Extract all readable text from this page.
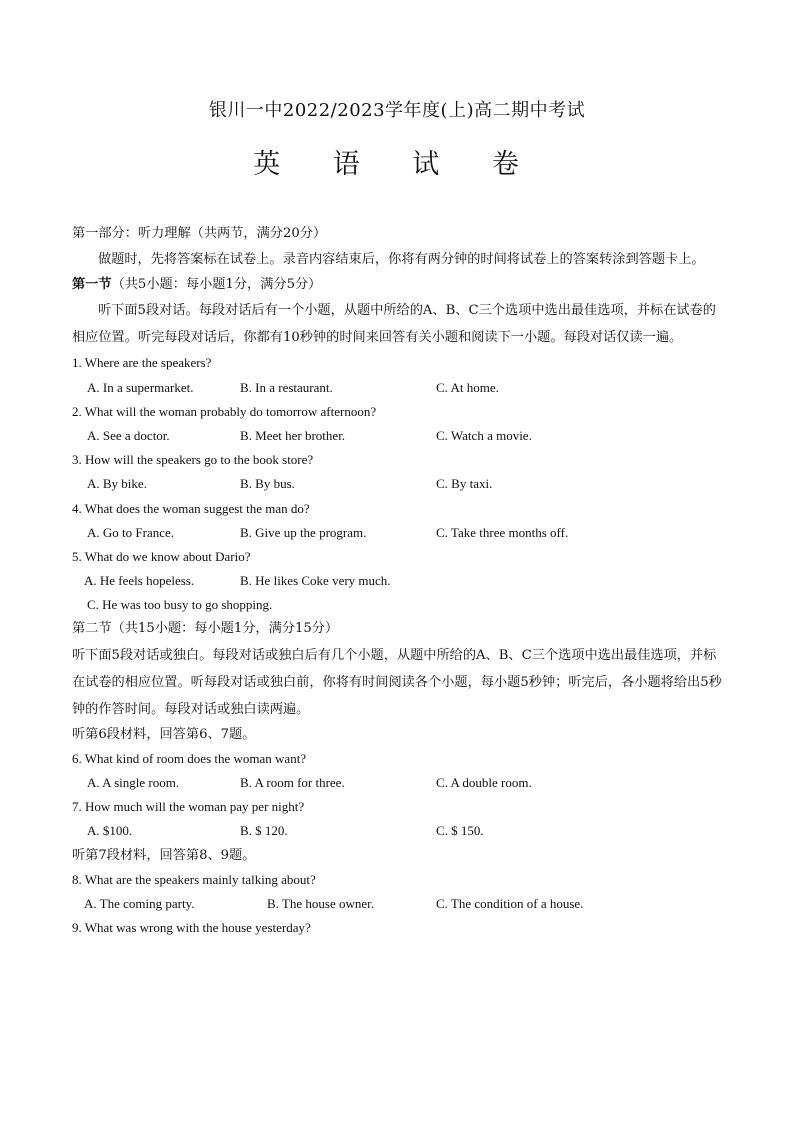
银川一中2022/2023学年度(上)高二期中考试
英 语 试 卷
第一部分：听力理解（共两节，满分20分）
做题时，先将答案标在试卷上。录音内容结束后，你将有两分钟的时间将试卷上的答案转涂到答题卡上。
第一节（共5小题：每小题1分，满分5分）
听下面5段对话。每段对话后有一个小题，从题中所给的A、B、C三个选项中选出最佳选项，并标在试卷的相应位置。听完每段对话后，你都有10秒钟的时间来回答有关小题和阅读下一小题。每段对话仅读一遍。
1. Where are the speakers?
A. In a supermarket.	B. In a restaurant.	C. At home.
2. What will the woman probably do tomorrow afternoon?
A. See a doctor.	B. Meet her brother.	C. Watch a movie.
3. How will the speakers go to the book store?
A. By bike.	B. By bus.	C. By taxi.
4. What does the woman suggest the man do?
A. Go to France.	B. Give up the program.	C. Take three months off.
5. What do we know about Dario?
A. He feels hopeless.	B. He likes Coke very much.
C. He was too busy to go shopping.
第二节（共15小题：每小题1分，满分15分）
听下面5段对话或独白。每段对话或独白后有几个小题，从题中所给的A、B、C三个选项中选出最佳选项，并标在试卷的相应位置。听每段对话或独白前，你将有时间阅读各个小题，每小题5秒钟；听完后，各小题将给出5秒钟的作答时间。每段对话或独白读两遍。
听第6段材料，回答第6、7题。
6. What kind of room does the woman want?
A. A single room.	B. A room for three.	C. A double room.
7. How much will the woman pay per night?
A. $100.	B. $ 120.	C. $ 150.
听第7段材料，回答第8、9题。
8. What are the speakers mainly talking about?
A. The coming party.	B. The house owner.	C. The condition of a house.
9. What was wrong with the house yesterday?
